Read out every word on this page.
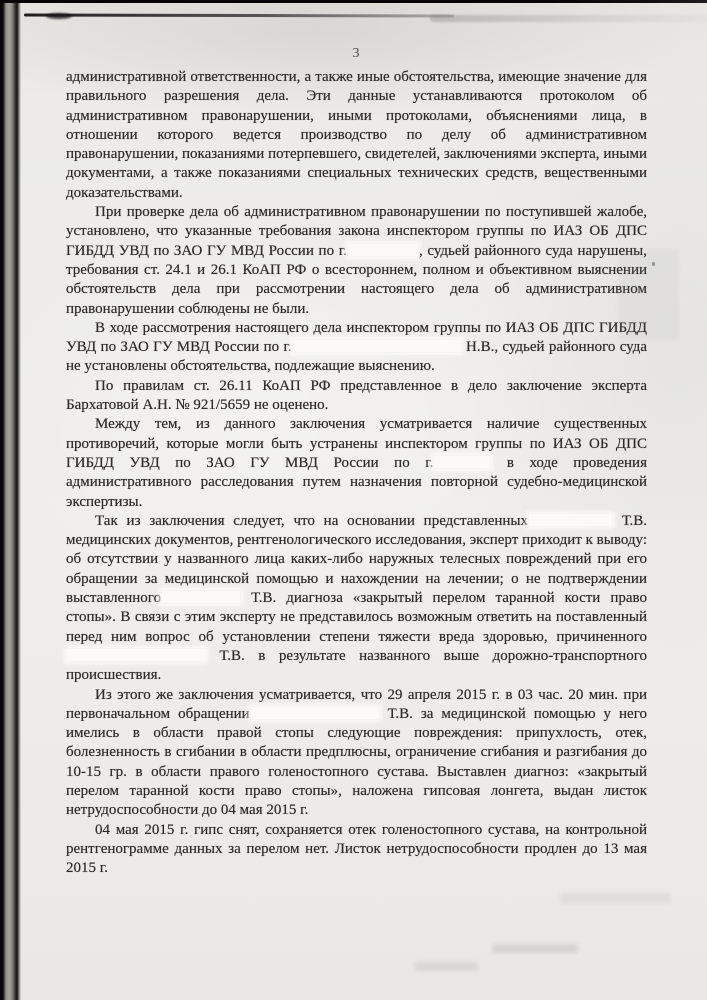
3

административной ответственности, а также иные обстоятельства, имеющие значение для правильного разрешения дела. Эти данные устанавливаются протоколом об административном правонарушении, иными протоколами, объяснениями лица, в отношении которого ведется производство по делу об административном правонарушении, показаниями потерпевшего, свидетелей, заключениями эксперта, иными документами, а также показаниями специальных технических средств, вещественными доказательствами.

При проверке дела об административном правонарушении по поступившей жалобе, установлено, что указанные требования закона инспектором группы по ИАЗ ОБ ДПС ГИБДД УВД по ЗАО ГУ МВД России по г.	, судьей районного суда нарушены, требования ст. 24.1 и 26.1 КоАП РФ о всестороннем, полном и объективном выяснении обстоятельств дела при рассмотрении настоящего дела об административном правонарушении соблюдены не были.

В ходе рассмотрения настоящего дела инспектором группы по ИАЗ ОБ ДПС ГИБДД УВД по ЗАО ГУ МВД России по г.	Н.В., судьей районного суда не установлены обстоятельства, подлежащие выяснению.

По правилам ст. 26.11 КоАП РФ представленное в дело заключение эксперта Бархатовой А.Н. № 921/5659 не оценено.

Между тем, из данного заключения усматривается наличие существенных противоречий, которые могли быть устранены инспектором группы по ИАЗ ОБ ДПС ГИБДД УВД по ЗАО ГУ МВД России по г.	в ходе проведения административного расследования путем назначения повторной судебно-медицинской экспертизы.

Так из заключения следует, что на основании представленных	Т.В. медицинских документов, рентгенологического исследования, эксперт приходит к выводу: об отсутствии у названного лица каких-либо наружных телесных повреждений при его обращении за медицинской помощью и нахождении на лечении; о не подтверждении выставленного	Т.В. диагноза «закрытый перелом таранной кости право стопы». В связи с этим эксперту не представилось возможным ответить на поставленный перед ним вопрос об установлении степени тяжести вреда здоровью, причиненного Т.В. в результате названного выше дорожно-транспортного происшествия.

Из этого же заключения усматривается, что 29 апреля 2015 г. в 03 час. 20 мин. при первоначальном обращении	Т.В. за медицинской помощью у него имелись в области правой стопы следующие повреждения: припухлость, отек, болезненность в сгибании в области предплюсны, ограничение сгибания и разгибания до 10-15 гр. в области правого голеностопного сустава. Выставлен диагноз: «закрытый перелом таранной кости право стопы», наложена гипсовая лонгета, выдан листок нетрудоспособности до 04 мая 2015 г.

04 мая 2015 г. гипс снят, сохраняется отек голеностопного сустава, на контрольной рентгенограмме данных за перелом нет. Листок нетрудоспособности продлен до 13 мая 2015 г.
